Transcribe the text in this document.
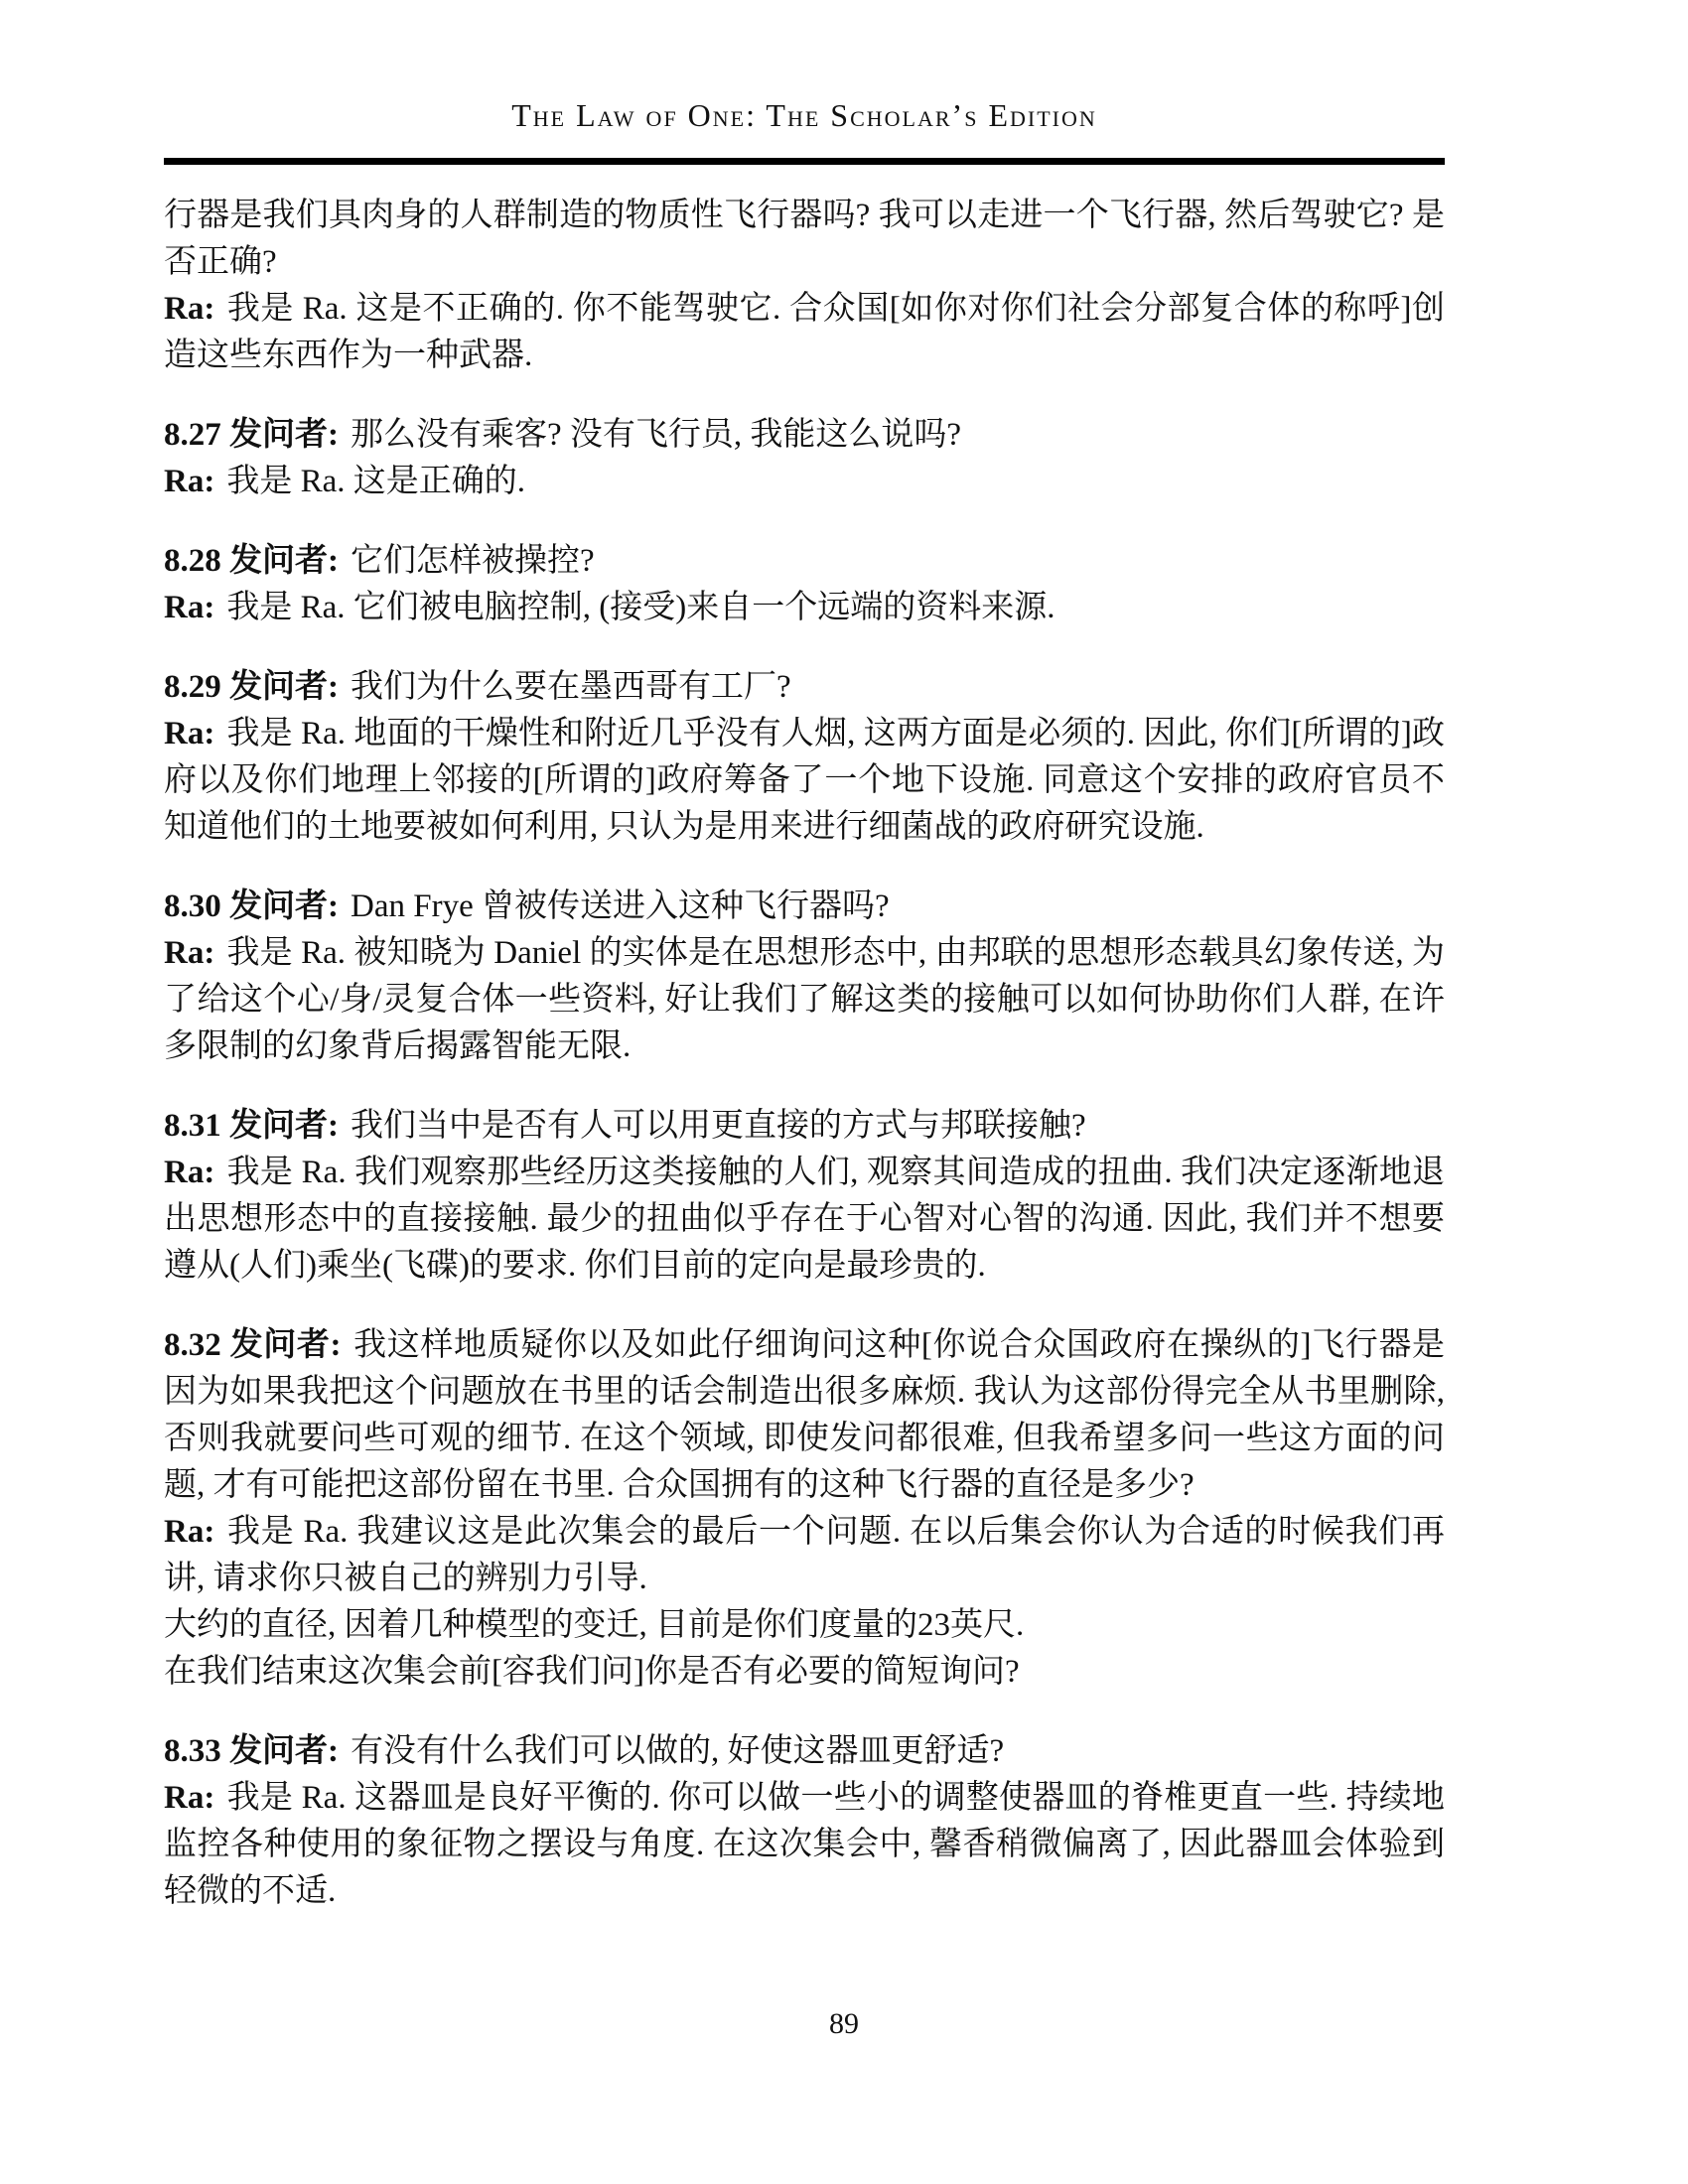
The Law of One: The Scholar’s Edition

行器是我们具肉身的人群制造的物质性飞行器吗? 我可以走进一个飞行器, 然后驾驶它? 是否正确?

Ra: 我是 Ra. 这是不正确的. 你不能驾驶它. 合众国[如你对你们社会分部复合体的称呼]创造这些东西作为一种武器.

8.27 发问者: 那么没有乘客? 没有飞行员, 我能这么说吗?

Ra: 我是 Ra. 这是正确的.

8.28 发问者: 它们怎样被操控?

Ra: 我是 Ra. 它们被电脑控制, (接受)来自一个远端的资料来源.

8.29 发问者: 我们为什么要在墨西哥有工厂?

Ra: 我是 Ra. 地面的干燥性和附近几乎没有人烟, 这两方面是必须的. 因此, 你们[所谓的]政府以及你们地理上邻接的[所谓的]政府筹备了一个地下设施. 同意这个安排的政府官员不知道他们的土地要被如何利用, 只认为是用来进行细菌战的政府研究设施.

8.30 发问者: Dan Frye 曾被传送进入这种飞行器吗?

Ra: 我是 Ra. 被知晓为 Daniel 的实体是在思想形态中, 由邦联的思想形态载具幻象传送, 为了给这个心/身/灵复合体一些资料, 好让我们了解这类的接触可以如何协助你们人群, 在许多限制的幻象背后揭露智能无限.

8.31 发问者: 我们当中是否有人可以用更直接的方式与邦联接触?

Ra: 我是 Ra. 我们观察那些经历这类接触的人们, 观察其间造成的扭曲. 我们决定逐渐地退出思想形态中的直接接触. 最少的扭曲似乎存在于心智对心智的沟通. 因此, 我们并不想要遵从(人们)乘坐(飞碟)的要求. 你们目前的定向是最珍贵的.

8.32 发问者: 我这样地质疑你以及如此仔细询问这种[你说合众国政府在操纵的]飞行器是因为如果我把这个问题放在书里的话会制造出很多麻烦. 我认为这部份得完全从书里删除, 否则我就要问些可观的细节. 在这个领域, 即使发问都很难, 但我希望多问一些这方面的问题, 才有可能把这部份留在书里. 合众国拥有的这种飞行器的直径是多少?

Ra: 我是 Ra. 我建议这是此次集会的最后一个问题. 在以后集会你认为合适的时候我们再讲, 请求你只被自己的辨别力引导.

大约的直径, 因着几种模型的变迁, 目前是你们度量的23英尺.

在我们结束这次集会前[容我们问]你是否有必要的简短询问?

8.33 发问者: 有没有什么我们可以做的, 好使这器皿更舒适?

Ra: 我是 Ra. 这器皿是良好平衡的. 你可以做一些小的调整使器皿的脊椎更直一些. 持续地监控各种使用的象征物之摆设与角度. 在这次集会中, 馨香稍微偏离了, 因此器皿会体验到轻微的不适.

89
